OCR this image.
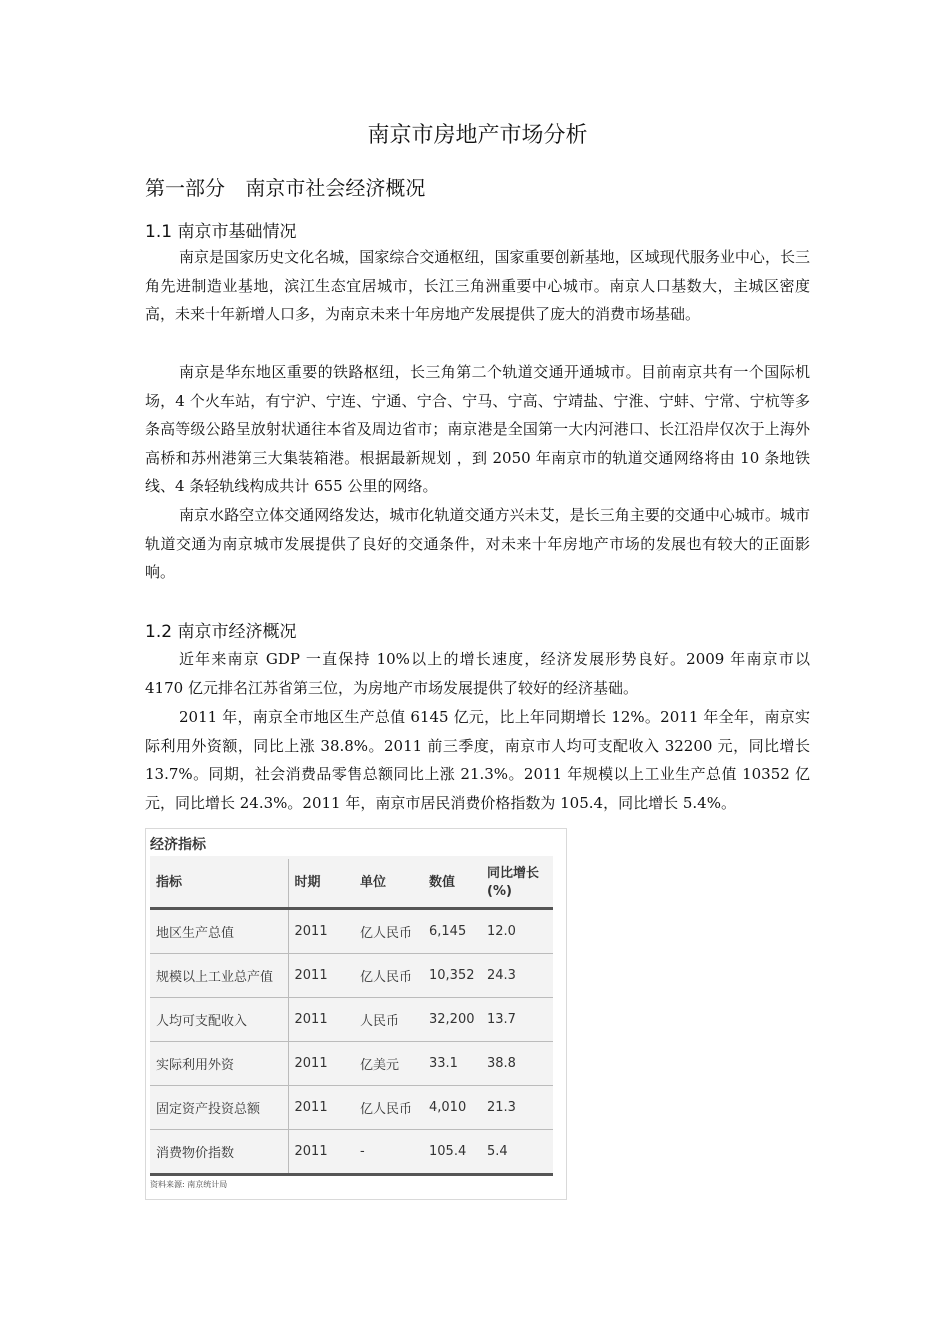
南京市房地产市场分析
第一部分 南京市社会经济概况
1.1 南京市基础情况

南京是国家历史文化名城，国家综合交通枢纽，国家重要创新基地，区域现代服务业中心，长三角先进制造业基地，滨江生态宜居城市，长江三角洲重要中心城市。南京人口基数大，主城区密度高，未来十年新增人口多，为南京未来十年房地产发展提供了庞大的消费市场基础。

南京是华东地区重要的铁路枢纽，长三角第二个轨道交通开通城市。目前南京共有一个国际机场，4 个火车站，有宁沪、宁连、宁通、宁合、宁马、宁高、宁靖盐、宁淮、宁蚌、宁常、宁杭等多条高等级公路呈放射状通往本省及周边省市；南京港是全国第一大内河港口、长江沿岸仅次于上海外高桥和苏州港第三大集装箱港。根据最新规划 ，到 2050 年南京市的轨道交通网络将由 10 条地铁线、4 条轻轨线构成共计 655 公里的网络。

南京水路空立体交通网络发达，城市化轨道交通方兴未艾，是长三角主要的交通中心城市。城市轨道交通为南京城市发展提供了良好的交通条件，对未来十年房地产市场的发展也有较大的正面影响。

1.2 南京市经济概况

近年来南京 GDP 一直保持 10%以上的增长速度，经济发展形势良好。2009 年南京市以 4170 亿元排名江苏省第三位，为房地产市场发展提供了较好的经济基础。

2011 年，南京全市地区生产总值 6145 亿元，比上年同期增长 12%。2011 年全年，南京实际利用外资额，同比上涨 38.8%。2011 前三季度，南京市人均可支配收入 32200 元，同比增长 13.7%。同期，社会消费品零售总额同比上涨 21.3%。2011 年规模以上工业生产总值 10352 亿元，同比增长 24.3%。2011 年，南京市居民消费价格指数为 105.4，同比增长 5.4%。

经济指标
指标	时期	单位	数值	同比增长 (%)
地区生产总值	2011	亿人民币	6,145	12.0
规模以上工业总产值	2011	亿人民币	10,352	24.3
人均可支配收入	2011	人民币	32,200	13.7
实际利用外资	2011	亿美元	33.1	38.8
固定资产投资总额	2011	亿人民币	4,010	21.3
消费物价指数	2011	-	105.4	5.4
资料来源: 南京统计局
